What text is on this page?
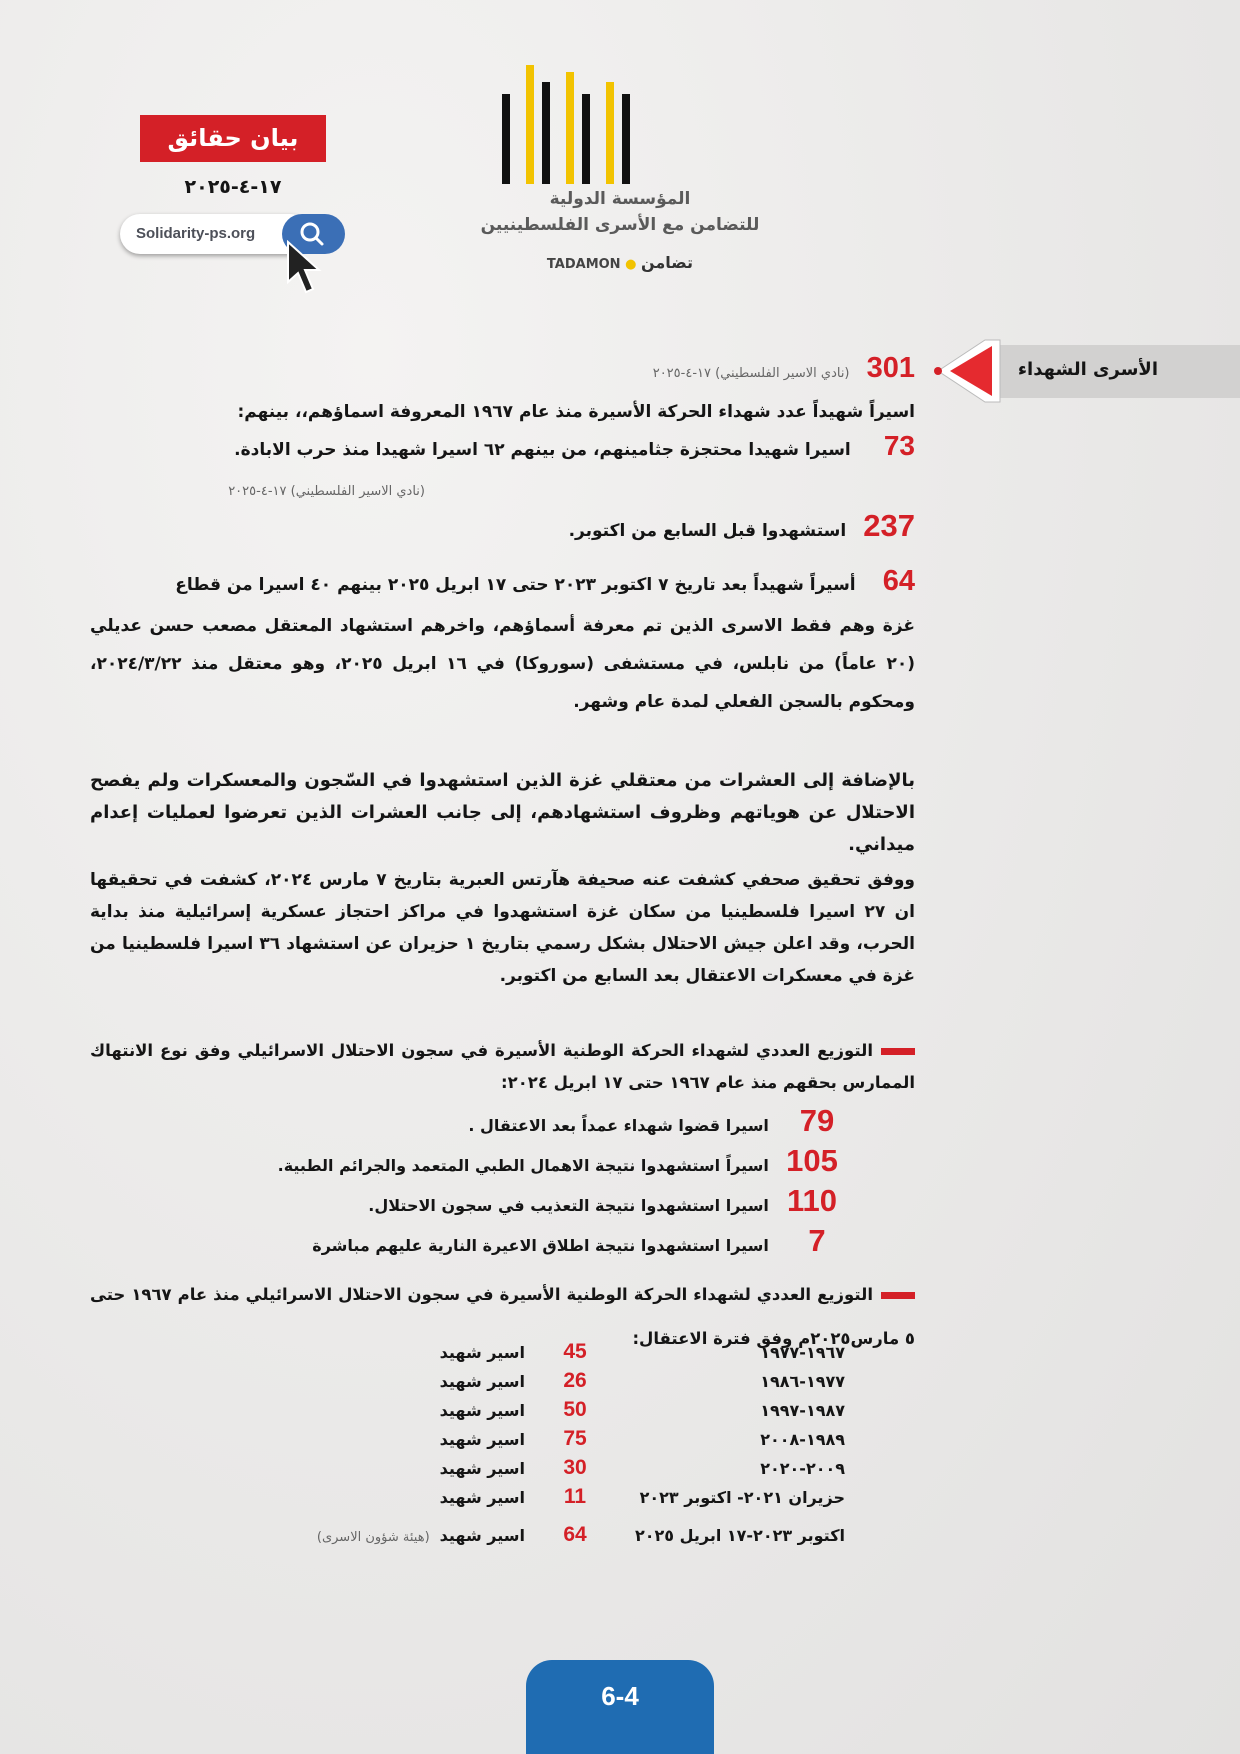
بيان حقائق
١٧-٤-٢٠٢٥
Solidarity-ps.org
المؤسسة الدولية
للتضامن مع الأسرى الفلسطينيين
TADAMON ● تضامن
الأسرى الشهداء
301 (نادي الاسير الفلسطيني) ١٧-٤-٢٠٢٥
اسيراً شهيداً عدد شهداء الحركة الأسيرة منذ عام ١٩٦٧ المعروفة اسماؤهم،، بينهم:
73 اسيرا شهيدا محتجزة جثامينهم، من بينهم ٦٢ اسيرا شهيدا منذ حرب الابادة.
(نادي الاسير الفلسطيني) ١٧-٤-٢٠٢٥
237 استشهدوا قبل السابع من اكتوبر.
64 أسيراً شهيداً بعد تاريخ ٧ اكتوبر ٢٠٢٣ حتى ١٧ ابريل ٢٠٢٥ بينهم ٤٠ اسيرا من قطاع
غزة وهم فقط الاسرى الذين تم معرفة أسماؤهم، واخرهم استشهاد المعتقل مصعب حسن عديلي (٢٠ عاماً) من نابلس، في مستشفى (سوروكا) في ١٦ ابريل ٢٠٢٥، وهو معتقل منذ ٢٠٢٤/٣/٢٢، ومحكوم بالسجن الفعلي لمدة عام وشهر.
بالإضافة إلى العشرات من معتقلي غزة الذين استشهدوا في السّجون والمعسكرات ولم يفصح الاحتلال عن هوياتهم وظروف استشهادهم، إلى جانب العشرات الذين تعرضوا لعمليات إعدام ميداني.
ووفق تحقيق صحفي كشفت عنه صحيفة هآرتس العبرية بتاريخ ٧ مارس ٢٠٢٤، كشفت في تحقيقها ان ٢٧ اسيرا فلسطينيا من سكان غزة استشهدوا في مراكز احتجاز عسكرية إسرائيلية منذ بداية الحرب، وقد اعلن جيش الاحتلال بشكل رسمي بتاريخ ١ حزيران عن استشهاد ٣٦ اسيرا فلسطينيا من غزة في معسكرات الاعتقال بعد السابع من اكتوبر.
التوزيع العددي لشهداء الحركة الوطنية الأسيرة في سجون الاحتلال الاسرائيلي وفق نوع الانتهاك الممارس بحقهم منذ عام ١٩٦٧ حتى ١٧ ابريل ٢٠٢٤:
79 اسيرا قضوا شهداء عمداً بعد الاعتقال .
105 اسيراً استشهدوا نتيجة الاهمال الطبي المتعمد والجرائم الطبية.
110 اسيرا استشهدوا نتيجة التعذيب في سجون الاحتلال.
7 اسيرا استشهدوا نتيجة اطلاق الاعيرة النارية عليهم مباشرة
التوزيع العددي لشهداء الحركة الوطنية الأسيرة في سجون الاحتلال الاسرائيلي منذ عام ١٩٦٧ حتى ٥ مارس٢٠٢٥م وفق فترة الاعتقال:
١٩٦٧-١٩٧٧45اسير شهيد
١٩٧٧-١٩٨٦26اسير شهيد
١٩٨٧-١٩٩٧50اسير شهيد
١٩٨٩-٢٠٠٨75اسير شهيد
٢٠٠٩-٢٠٢٠30اسير شهيد
حزيران ٢٠٢١- اكتوبر ٢٠٢٣11اسير شهيد
اكتوبر ٢٠٢٣-١٧ ابريل ٢٠٢٥64اسير شهيد(هيئة شؤون الاسرى)
6-4
